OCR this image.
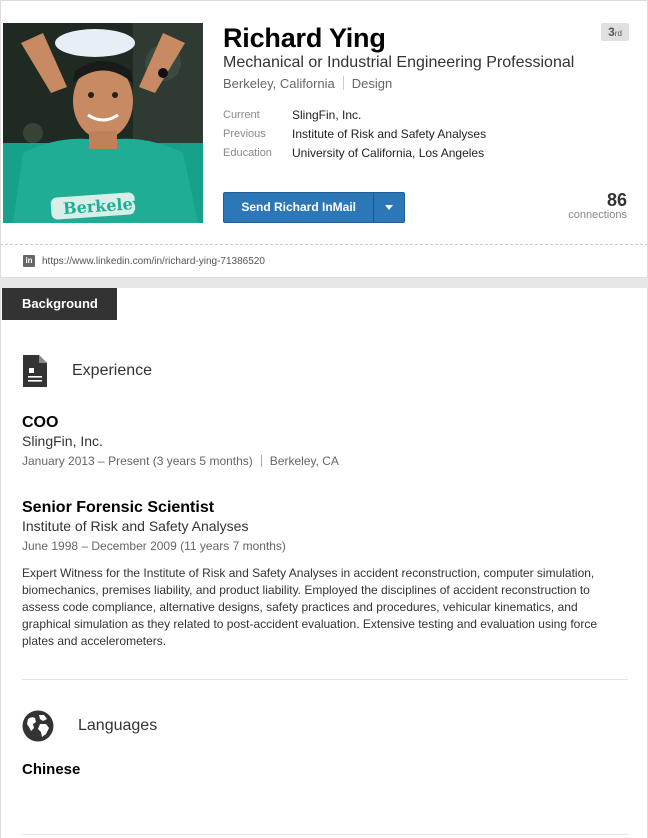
Berkeley
3rd
Richard Ying
Mechanical or Industrial Engineering Professional
Berkeley, California Design
Current	SlingFin, Inc.
Previous	Institute of Risk and Safety Analyses
Education	University of California, Los Angeles
Send Richard InMail	86
connections
in https://www.linkedin.com/in/richard-ying-71386520
Background
Experience
COO
SlingFin, Inc.
January 2013 – Present (3 years 5 months) Berkeley, CA
Senior Forensic Scientist
Institute of Risk and Safety Analyses
June 1998 – December 2009 (11 years 7 months)
Expert Witness for the Institute of Risk and Safety Analyses in accident reconstruction, computer simulation, biomechanics, premises liability, and product liability. Employed the disciplines of accident reconstruction to assess code compliance, alternative designs, safety practices and procedures, vehicular kinematics, and graphical simulation as they related to post-accident evaluation. Extensive testing and evaluation using force plates and accelerometers.
Languages
Chinese
